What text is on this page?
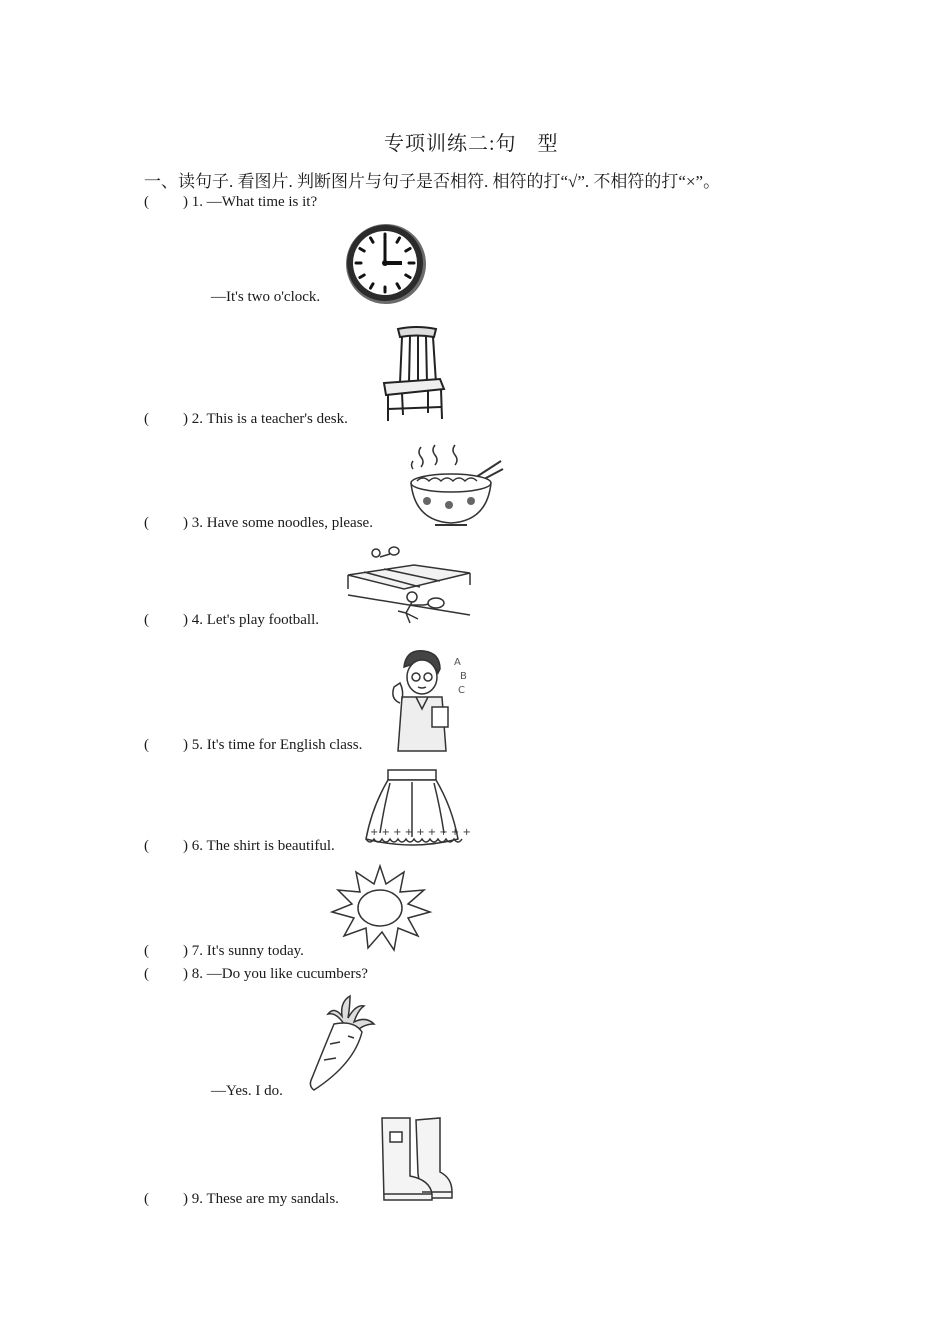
专项训练二:句　型
一、读句子. 看图片. 判断图片与句子是否相符. 相符的打“√”. 不相符的打“×”。
( ) 1. —What time is it?
—It's two o'clock.
( ) 2. This is a teacher's desk.
( ) 3. Have some noodles, please.
( ) 4. Let's play football.
( ) 5. It's time for English class.
A
B
C
( ) 6. The shirt is beautiful.
+ + + + + + + + +
( ) 7. It's sunny today.
( ) 8. —Do you like cucumbers?
—Yes. I do.
( ) 9. These are my sandals.
